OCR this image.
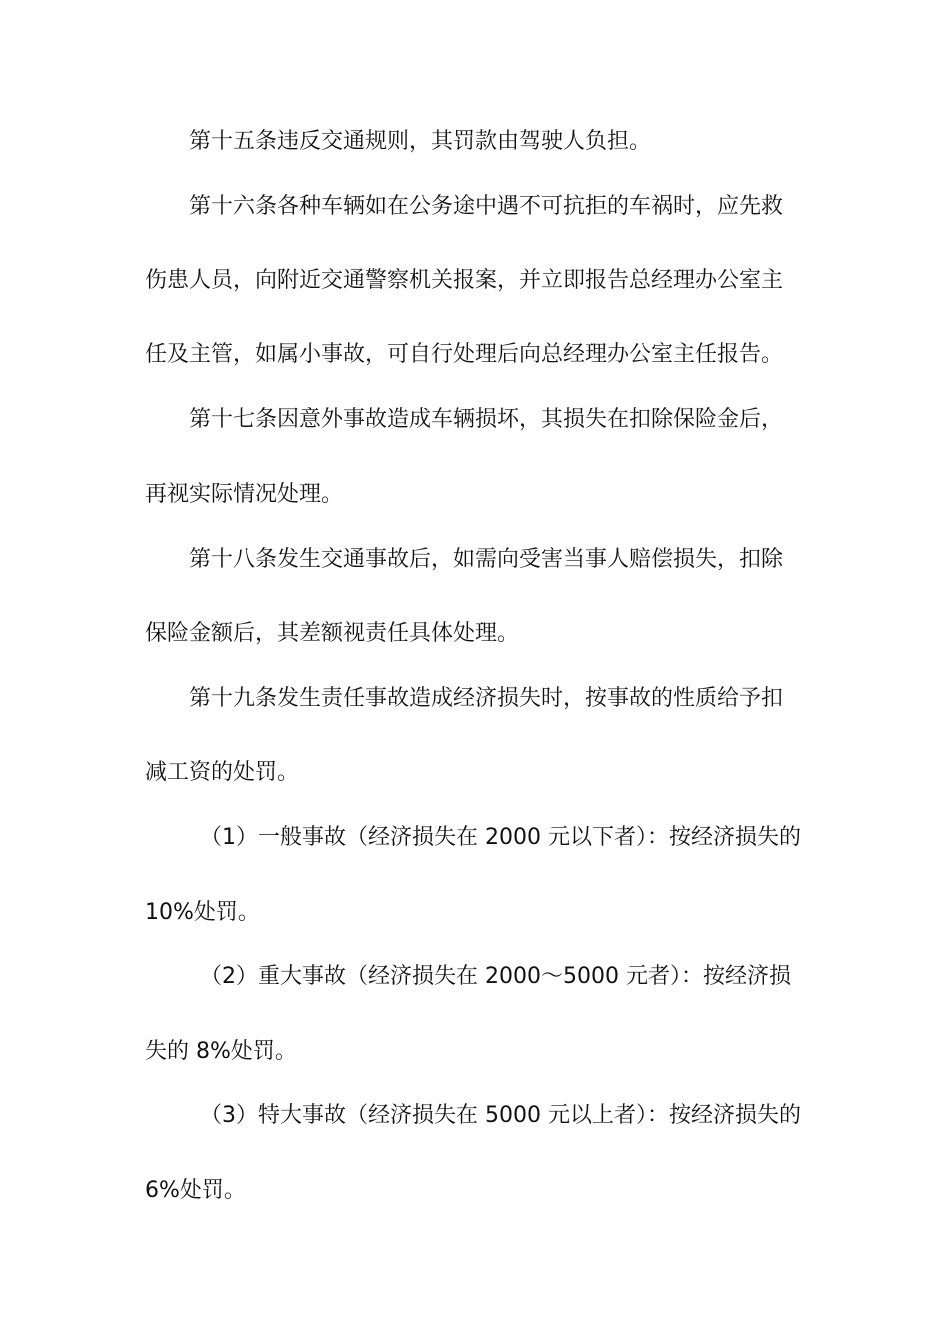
第十五条违反交通规则，其罚款由驾驶人负担。
第十六条各种车辆如在公务途中遇不可抗拒的车祸时，应先救
伤患人员，向附近交通警察机关报案，并立即报告总经理办公室主
任及主管，如属小事故，可自行处理后向总经理办公室主任报告。
第十七条因意外事故造成车辆损坏，其损失在扣除保险金后，
再视实际情况处理。
第十八条发生交通事故后，如需向受害当事人赔偿损失，扣除
保险金额后，其差额视责任具体处理。
第十九条发生责任事故造成经济损失时，按事故的性质给予扣
减工资的处罚。
（1）一般事故（经济损失在 2000 元以下者）：按经济损失的
10%处罚。
（2）重大事故（经济损失在 2000～5000 元者）：按经济损
失的 8%处罚。
（3）特大事故（经济损失在 5000 元以上者）：按经济损失的
6%处罚。
